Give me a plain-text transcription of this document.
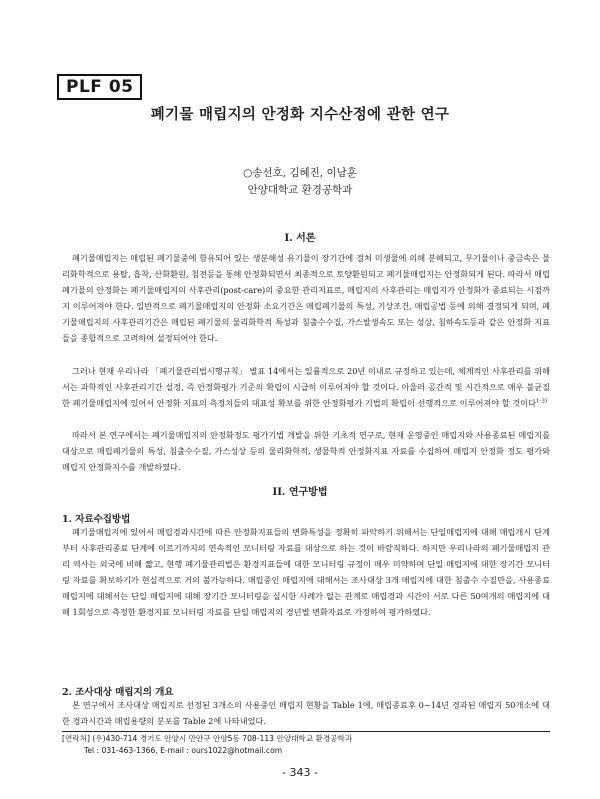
PLF 05
폐기물 매립지의 안정화 지수산정에 관한 연구
○송선호, 김혜진, 이남훈
안양대학교 환경공학과
I. 서론

폐기물매립지는 매립된 폐기물중에 함유되어 있는 생분해성 유기물이 장기간에 걸쳐 미생물에 의해 분해되고, 무기물이나 중금속은 물리화학적으로 용탈, 흡착, 산화환원, 침전등을 통해 안정화되면서 최종적으로 토양환원되고 폐기물매립지는 안정화되게 된다. 따라서 매립폐기물의 안정화는 폐기물매립지의 사후관리(post-care)의 중요한 관리지표로, 매립지의 사후관리는 매립지가 안정화가 종료되는 시점까지 이루어져야 한다. 일반적으로 폐기물매립지의 안정화 소요기간은 매립폐기물의 특성, 기상조건, 매립공법 등에 의해 결정되게 되며, 폐기물매립지의 사후관리기간은 매립된 폐기물의 물리화학적 특성과 침출수수질, 가스발생속도 또는 성상, 침하속도등과 같은 안정화 지표들을 종합적으로 고려하여 설정되어야 한다.

그러나 현재 우리나라 「폐기물관리법시행규칙」 별표 14에서는 일률적으로 20년 이내로 규정하고 있는데, 체계적인 사후관리를 위해서는 과학적인 사후관리기간 설정, 즉 안정화평가 기준의 확립이 시급히 이루어져야 할 것이다. 아울러 공간적 및 시간적으로 매우 불균질한 폐기물매립지에 있어서 안정화 지표의 측정치들의 대표성 확보를 위한 안정화평가 기법의 확립이 선행적으로 이루어져야 할 것이다$^{1-3)}$

따라서 본 연구에서는 폐기물매립지의 안정화정도 평가기법 개발을 위한 기초적 연구로, 현재 운영중인 매립지와 사용종료된 매립지를 대상으로 매립폐기물의 특성, 침출수수질, 가스성상 등의 물리화학적, 생물학적 안정화지표 자료를 수집하여 매립지 안정화 정도 평가와 매립지 안정화지수를 개발하였다.

II. 연구방법
1. 자료수집방법

폐기물매립지에 있어서 매립경과시간에 따른 안정화지표들의 변화특성을 정확히 파악하기 위해서는 단일매립지에 대해 매립개시 단계부터 사후관리종료 단계에 이르기까지의 연속적인 모니터링 자료를 대상으로 하는 것이 바람직하다. 하지만 우리나라의 폐기물매립지 관리 역사는 외국에 비해 짧고, 현행 폐기물관리법은 환경지표들에 대한 모니터링 규정이 매우 미약하여 단일 매립지에 대한 장기간 모니터링 자료를 확보하기가 현실적으로 거의 불가능하다. 매립중인 매립지에 대해서는 조사대상 3개 매립지에 대한 침출수 수질만을, 사용종료 매립지에 대해서는 단일 매립지에 대해 장기간 모니터링을 실시한 사례가 없는 관계로 매립경과 시간이 서로 다른 50여개의 매립지에 대해 1회성으로 측정한 환경지표 모니터링 자료를 단일 매립지의 경년별 변화자료로 가정하여 평가하였다.

2. 조사대상 매립지의 개요

본 연구에서 조사대상 매립지로 선정된 3개소의 사용중인 매립지 현황을 Table 1에, 매립종료후 0~14년 경과된 매립지 50개소에 대한 경과시간과 매립용량의 분포를 Table 2에 나타내었다.

[연락처] (우)430-714 경기도 안양시 만안구 안양5동 708-113 안양대학교 환경공학과
Tel : 031-463-1366, E-mail : ours1022@hotmail.com
- 343 -
